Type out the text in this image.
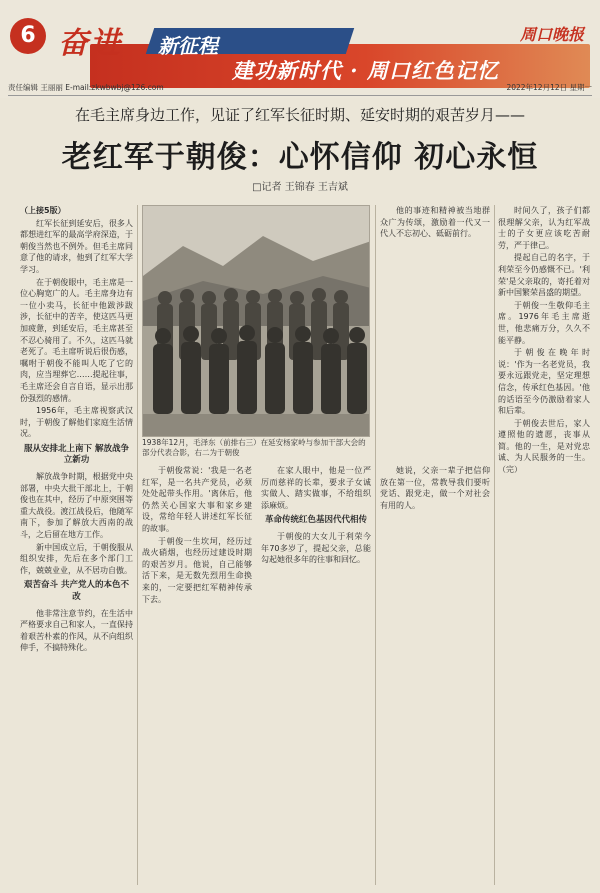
6 奋进 新征程
建功新时代 · 周口红色记忆
周口晚报
责任编辑 王丽丽 E-mail:zkwbwbj@126.com	2022年12月12日 星期一
在毛主席身边工作，见证了红军长征时期、延安时期的艰苦岁月——
老红军于朝俊：心怀信仰 初心永恒
□记者 王锦春 王吉斌

（上接5版）

红军长征到延安后，很多人都想进红军的最高学府深造，于朝俊当然也不例外。但毛主席同意了他的请求，他到了红军大学学习。

在于朝俊眼中，毛主席是一位心胸宽广的人。毛主席身边有一位小卖马，长征中他跋涉跋涉，长征中的苦辛，使这匹马更加疲惫，到延安后，毛主席甚至不忍心骑用了。不久，这匹马就老死了。毛主席听说后很伤感，嘱咐于朝俊不能叫人吃了它的肉，应当埋葬它……提起往事，毛主席还会自言自语，显示出那份强烈的感情。

1956年，毛主席视察武汉时，于朝俊了解他们家庭生活情况。

服从安排北上南下 解放战争立新功

解放战争时期，根据党中央部署，中央大批干部北上，于朝俊也在其中，经历了中原突围等重大战役。渡江战役后，他随军南下，参加了解放大西南的战斗，之后留在地方工作。

新中国成立后，于朝俊服从组织安排，先后在多个部门工作，兢兢业业，从不居功自傲。

艰苦奋斗 共产党人的本色不改

他非常注意节约，在生活中严格要求自己和家人，一直保持着艰苦朴素的作风，从不向组织伸手，不搞特殊化。

1938年12月，毛泽东（前排右三）在延安杨家岭与参加干部大会的部分代表合影，右二为于朝俊

于朝俊常说：'我是一名老红军，是一名共产党员，必须处处起带头作用。'离休后，他仍然关心国家大事和家乡建设，常给年轻人讲述红军长征的故事。

于朝俊一生坎坷，经历过战火硝烟，也经历过建设时期的艰苦岁月。他说，自己能够活下来，是无数先烈用生命换来的，一定要把红军精神传承下去。

在家人眼中，他是一位严厉而慈祥的长辈，要求子女诚实做人、踏实做事，不给组织添麻烦。

革命传统红色基因代代相传

于朝俊的大女儿于利荣今年70多岁了，提起父亲，总能勾起她很多年的往事和回忆。

他的事迹和精神被当地群众广为传颂，激励着一代又一代人不忘初心、砥砺前行。

她说，父亲一辈子把信仰放在第一位，常教导我们要听党话、跟党走，做一个对社会有用的人。

时间久了，孩子们都很理解父亲，认为红军战士的子女更应该吃苦耐劳，严于律己。

提起自己的名字，于利荣至今仍感慨不已。'利荣'是父亲取的，寄托着对新中国繁荣昌盛的期望。

于朝俊一生敬仰毛主席。1976年毛主席逝世，他悲痛万分，久久不能平静。

于朝俊在晚年时说：'作为一名老党员，我要永远跟党走，坚定理想信念，传承红色基因。'他的话语至今仍激励着家人和后辈。

于朝俊去世后，家人遵照他的遗愿，丧事从简。他的一生，是对党忠诚、为人民服务的一生。（完）
